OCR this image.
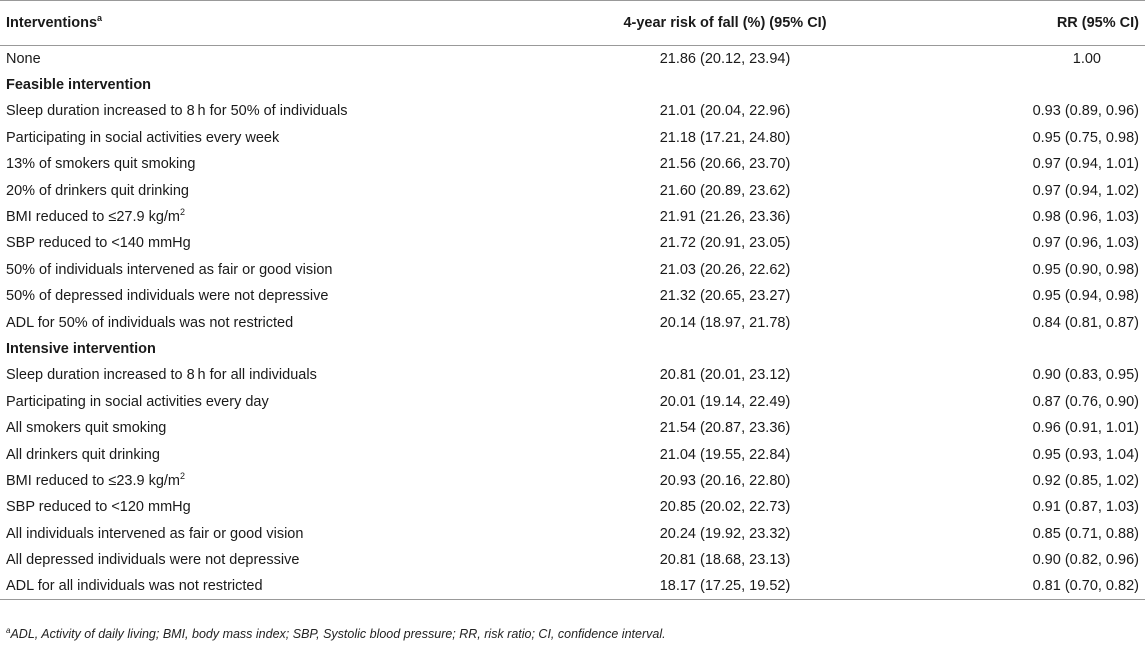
Interventions$^a$	4-year risk of fall (%) (95% CI)	RR (95% CI)
None	21.86 (20.12, 23.94)	1.00
Feasible intervention		
Sleep duration increased to 8 h for 50% of individuals	21.01 (20.04, 22.96)	0.93 (0.89, 0.96)
Participating in social activities every week	21.18 (17.21, 24.80)	0.95 (0.75, 0.98)
13% of smokers quit smoking	21.56 (20.66, 23.70)	0.97 (0.94, 1.01)
20% of drinkers quit drinking	21.60 (20.89, 23.62)	0.97 (0.94, 1.02)
BMI reduced to ≤27.9 $kg/m^2$	21.91 (21.26, 23.36)	0.98 (0.96, 1.03)
SBP reduced to <140 mmHg	21.72 (20.91, 23.05)	0.97 (0.96, 1.03)
50% of individuals intervened as fair or good vision	21.03 (20.26, 22.62)	0.95 (0.90, 0.98)
50% of depressed individuals were not depressive	21.32 (20.65, 23.27)	0.95 (0.94, 0.98)
ADL for 50% of individuals was not restricted	20.14 (18.97, 21.78)	0.84 (0.81, 0.87)
Intensive intervention		
Sleep duration increased to 8 h for all individuals	20.81 (20.01, 23.12)	0.90 (0.83, 0.95)
Participating in social activities every day	20.01 (19.14, 22.49)	0.87 (0.76, 0.90)
All smokers quit smoking	21.54 (20.87, 23.36)	0.96 (0.91, 1.01)
All drinkers quit drinking	21.04 (19.55, 22.84)	0.95 (0.93, 1.04)
BMI reduced to ≤23.9 $kg/m^2$	20.93 (20.16, 22.80)	0.92 (0.85, 1.02)
SBP reduced to <120 mmHg	20.85 (20.02, 22.73)	0.91 (0.87, 1.03)
All individuals intervened as fair or good vision	20.24 (19.92, 23.32)	0.85 (0.71, 0.88)
All depressed individuals were not depressive	20.81 (18.68, 23.13)	0.90 (0.82, 0.96)
ADL for all individuals was not restricted	18.17 (17.25, 19.52)	0.81 (0.70, 0.82)
$^a$ADL, Activity of daily living; BMI, body mass index; SBP, Systolic blood pressure; RR, risk ratio; CI, confidence interval.
